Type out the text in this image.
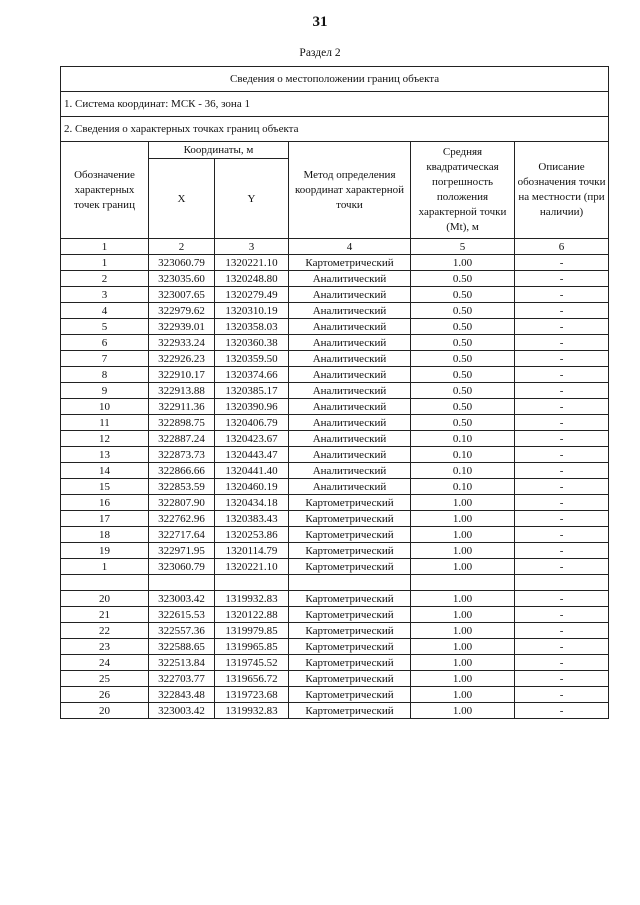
31
Раздел 2
Сведения о местоположении границ объекта					
1. Система координат: МСК - 36, зона 1					
2. Сведения о характерных точках границ объекта					
Обозначение характерных точек границ	Координаты, м		Метод определения координат характерной точки	Средняя квадратическая погрешность положения характерной точки (Mt), м	Описание обозначения точки на местности (при наличии)
	X	Y			
1	2	3	4	5	6
1	323060.79	1320221.10	Картометрический	1.00	-
2	323035.60	1320248.80	Аналитический	0.50	-
3	323007.65	1320279.49	Аналитический	0.50	-
4	322979.62	1320310.19	Аналитический	0.50	-
5	322939.01	1320358.03	Аналитический	0.50	-
6	322933.24	1320360.38	Аналитический	0.50	-
7	322926.23	1320359.50	Аналитический	0.50	-
8	322910.17	1320374.66	Аналитический	0.50	-
9	322913.88	1320385.17	Аналитический	0.50	-
10	322911.36	1320390.96	Аналитический	0.50	-
11	322898.75	1320406.79	Аналитический	0.50	-
12	322887.24	1320423.67	Аналитический	0.10	-
13	322873.73	1320443.47	Аналитический	0.10	-
14	322866.66	1320441.40	Аналитический	0.10	-
15	322853.59	1320460.19	Аналитический	0.10	-
16	322807.90	1320434.18	Картометрический	1.00	-
17	322762.96	1320383.43	Картометрический	1.00	-
18	322717.64	1320253.86	Картометрический	1.00	-
19	322971.95	1320114.79	Картометрический	1.00	-
1	323060.79	1320221.10	Картометрический	1.00	-

20	323003.42	1319932.83	Картометрический	1.00	-
21	322615.53	1320122.88	Картометрический	1.00	-
22	322557.36	1319979.85	Картометрический	1.00	-
23	322588.65	1319965.85	Картометрический	1.00	-
24	322513.84	1319745.52	Картометрический	1.00	-
25	322703.77	1319656.72	Картометрический	1.00	-
26	322843.48	1319723.68	Картометрический	1.00	-
20	323003.42	1319932.83	Картометрический	1.00	-
